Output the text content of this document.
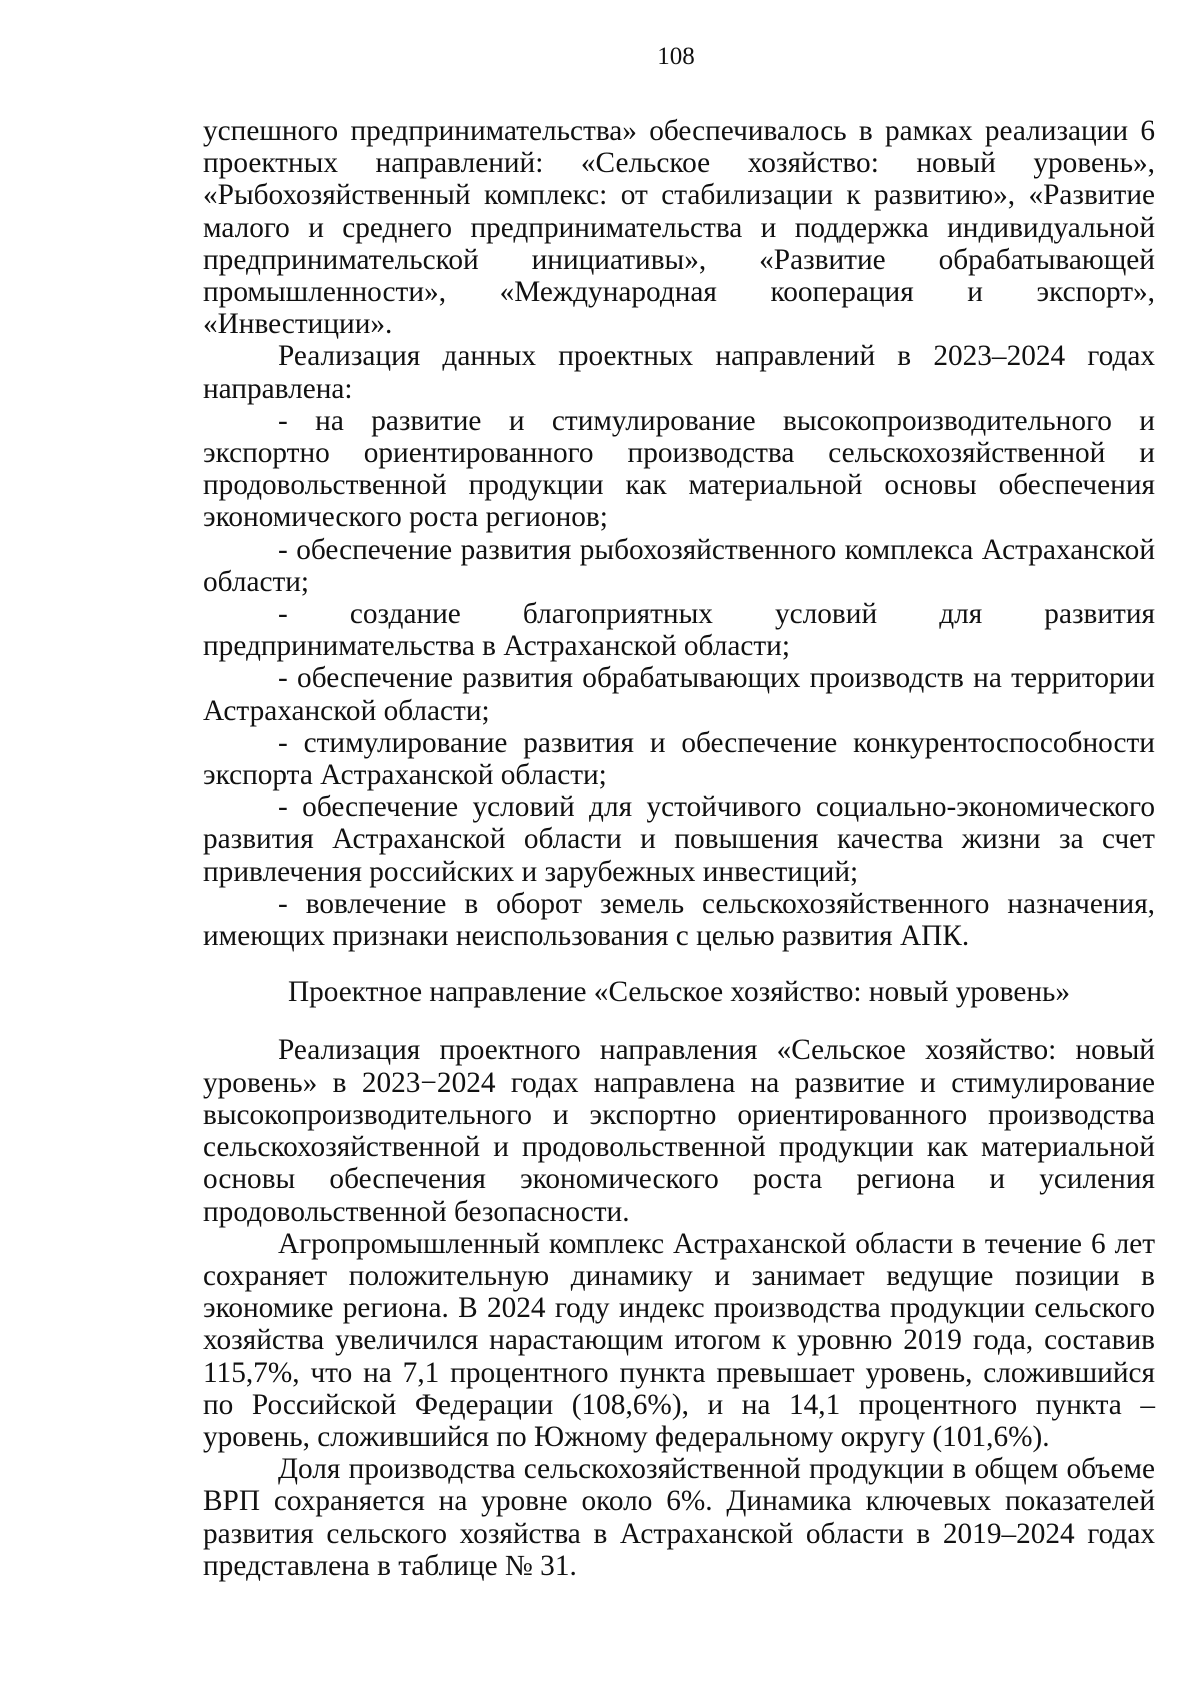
108

успешного предпринимательства» обеспечивалось в рамках реализации 6 проектных направлений: «Сельское хозяйство: новый уровень», «Рыбохозяйственный комплекс: от стабилизации к развитию», «Развитие малого и среднего предпринимательства и поддержка индивидуальной предпринимательской инициативы», «Развитие обрабатывающей промышленности», «Международная кооперация и экспорт», «Инвестиции».

Реализация данных проектных направлений в 2023–2024 годах направлена:

- на развитие и стимулирование высокопроизводительного и экспортно ориентированного производства сельскохозяйственной и продовольственной продукции как материальной основы обеспечения экономического роста регионов;

- обеспечение развития рыбохозяйственного комплекса Астраханской области;

- создание благоприятных условий для развития предпринимательства в Астраханской области;

- обеспечение развития обрабатывающих производств на территории Астраханской области;

- стимулирование развития и обеспечение конкурентоспособности экспорта Астраханской области;

- обеспечение условий для устойчивого социально-экономического развития Астраханской области и повышения качества жизни за счет привлечения российских и зарубежных инвестиций;

- вовлечение в оборот земель сельскохозяйственного назначения, имеющих признаки неиспользования с целью развития АПК.

Проектное направление «Сельское хозяйство: новый уровень»

Реализация проектного направления «Сельское хозяйство: новый уровень» в 2023−2024 годах направлена на развитие и стимулирование высокопроизводительного и экспортно ориентированного производства сельскохозяйственной и продовольственной продукции как материальной основы обеспечения экономического роста региона и усиления продовольственной безопасности.

Агропромышленный комплекс Астраханской области в течение 6 лет сохраняет положительную динамику и занимает ведущие позиции в экономике региона. В 2024 году индекс производства продукции сельского хозяйства увеличился нарастающим итогом к уровню 2019 года, составив 115,7%, что на 7,1 процентного пункта превышает уровень, сложившийся по Российской Федерации (108,6%), и на 14,1 процентного пункта – уровень, сложившийся по Южному федеральному округу (101,6%).

Доля производства сельскохозяйственной продукции в общем объеме ВРП сохраняется на уровне около 6%. Динамика ключевых показателей развития сельского хозяйства в Астраханской области в 2019–2024 годах представлена в таблице № 31.
